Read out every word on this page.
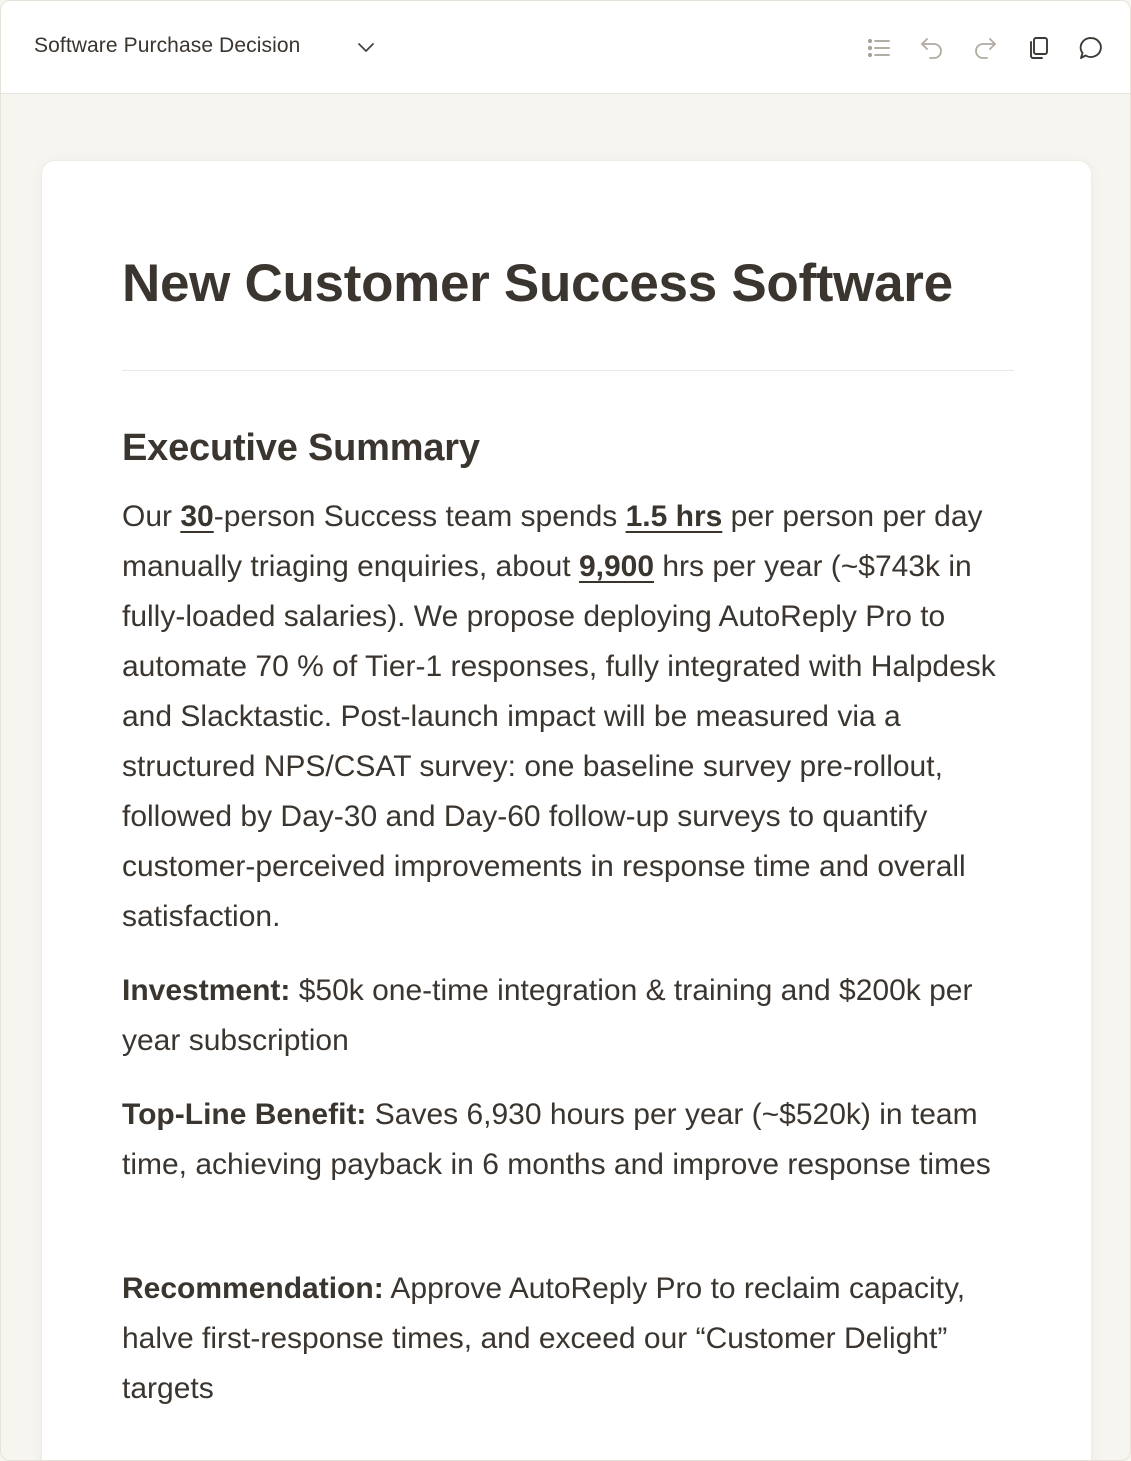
Software Purchase Decision
New Customer Success Software
Executive Summary

Our 30-person Success team spends 1.5 hrs per person per day manually triaging enquiries, about 9,900 hrs per year (~$743k in fully-loaded salaries). We propose deploying AutoReply Pro to automate 70 % of Tier-1 responses, fully integrated with Halpdesk and Slacktastic. Post-launch impact will be measured via a structured NPS/CSAT survey: one baseline survey pre-rollout, followed by Day-30 and Day-60 follow-up surveys to quantify customer-perceived improvements in response time and overall satisfaction.

Investment: $50k one-time integration & training and $200k per year subscription

Top-Line Benefit: Saves 6,930 hours per year (~$520k) in team time, achieving payback in 6 months and improve response times

Recommendation: Approve AutoReply Pro to reclaim capacity, halve first-response times, and exceed our “Customer Delight” targets
